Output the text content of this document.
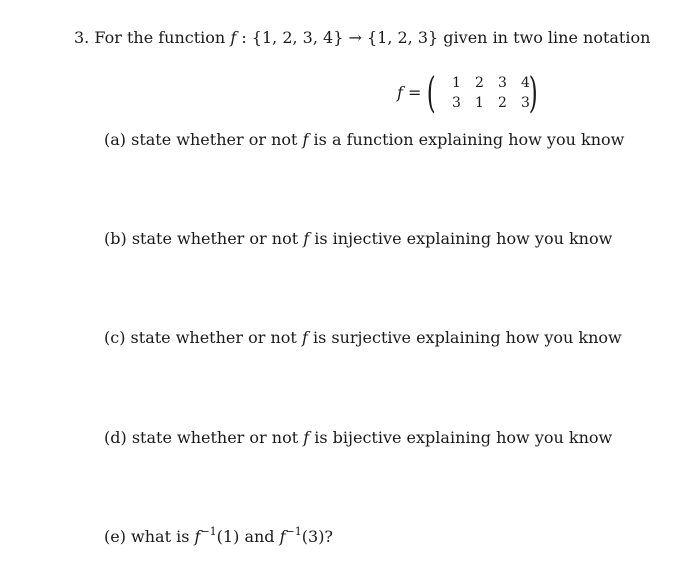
3. For the function f : {1, 2, 3, 4} → {1, 2, 3} given in two line notation
f = (	1 2 3 4
3 1 2 3
)
(a) state whether or not f is a function explaining how you know
(b) state whether or not f is injective explaining how you know
(c) state whether or not f is surjective explaining how you know
(d) state whether or not f is bijective explaining how you know
(e) what is $f^{-1}(1)$ and $f^{-1}(3)$?
